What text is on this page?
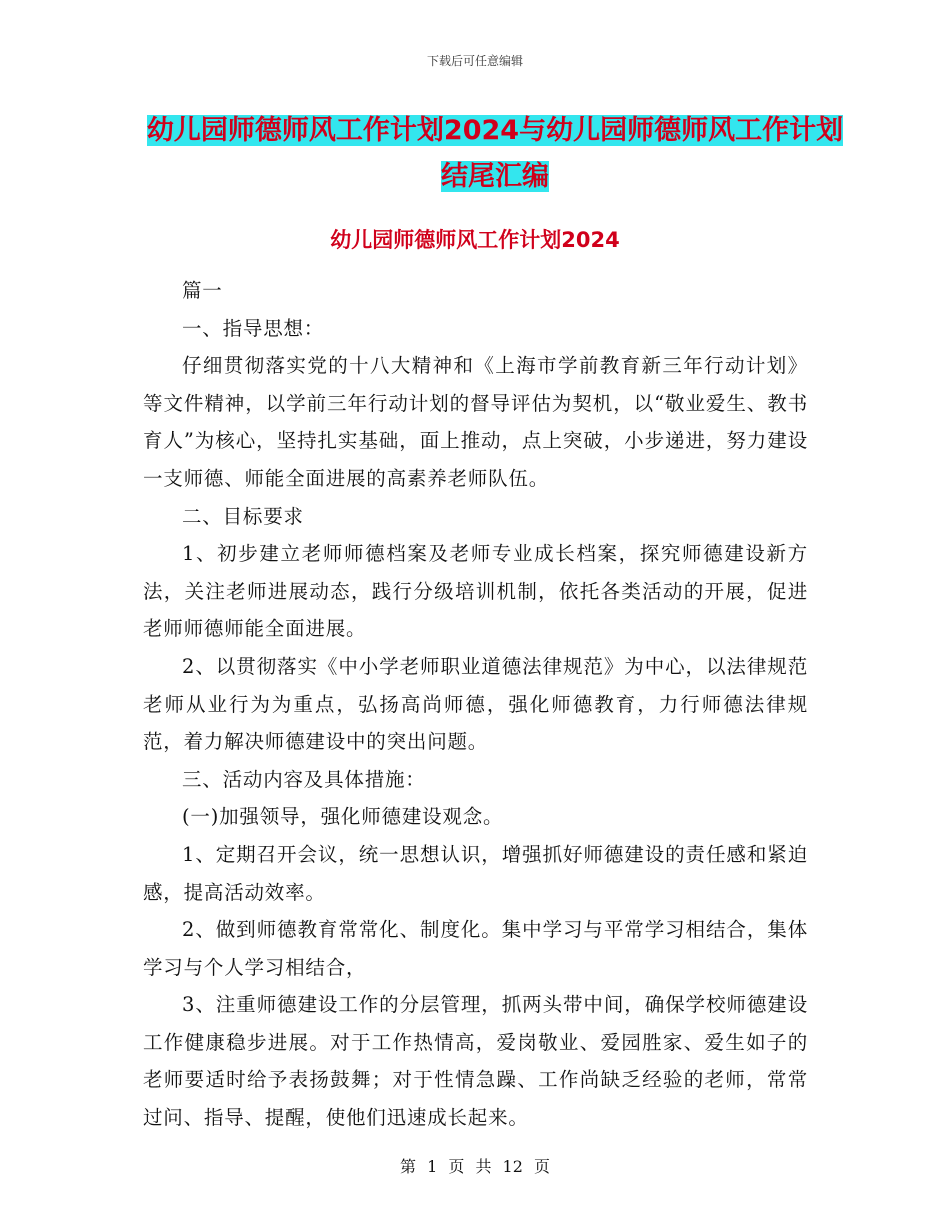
下载后可任意编辑
幼儿园师德师风工作计划2024与幼儿园师德师风工作计划结尾汇编
幼儿园师德师风工作计划2024

篇一

一、指导思想：

仔细贯彻落实党的十八大精神和《上海市学前教育新三年行动计划》等文件精神，以学前三年行动计划的督导评估为契机，以“敬业爱生、教书育人”为核心，坚持扎实基础，面上推动，点上突破，小步递进，努力建设一支师德、师能全面进展的高素养老师队伍。

二、目标要求

1、初步建立老师师德档案及老师专业成长档案，探究师德建设新方法，关注老师进展动态，践行分级培训机制，依托各类活动的开展，促进老师师德师能全面进展。

2、以贯彻落实《中小学老师职业道德法律规范》为中心，以法律规范老师从业行为为重点，弘扬高尚师德，强化师德教育，力行师德法律规范，着力解决师德建设中的突出问题。

三、活动内容及具体措施：

(一)加强领导，强化师德建设观念。

1、定期召开会议，统一思想认识，增强抓好师德建设的责任感和紧迫感，提高活动效率。

2、做到师德教育常常化、制度化。集中学习与平常学习相结合，集体学习与个人学习相结合，

3、注重师德建设工作的分层管理，抓两头带中间，确保学校师德建设工作健康稳步进展。对于工作热情高，爱岗敬业、爱园胜家、爱生如子的老师要适时给予表扬鼓舞；对于性情急躁、工作尚缺乏经验的老师，常常过问、指导、提醒，使他们迅速成长起来。

第 1 页 共 12 页
